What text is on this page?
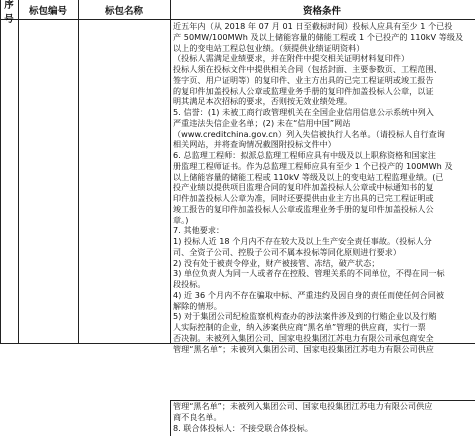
序号
标包编号	标包名称	资格条件

近五年内（从 2018 年 07 月 01 日至截标时间）投标人应具有至少 1 个已投

产 50MW/100MWh 及以上储能容量的储能工程或 1 个已投产的 110kV 等级及

以上的变电站工程总包业绩。（须提供业绩证明资料）

（投标人需满足业绩要求，并在附件中提交相关证明材料复印件）

投标人须在投标文件中提供相关合同（包括封面、主要参数页、工程范围、

签字页、用户证明等）的复印件、业主方出具的已完工程证明或竣工报告

的复印件加盖投标人公章或监理业务手册的复印件加盖投标人公章，以证

明其满足本次招标的要求，否则按无效业绩处理。

5. 信誉：(1) 未被工商行政管理机关在全国企业信用信息公示系统中列入

严重违法失信企业名单；(2) 未在“信用中国”网站

（www.creditchina.gov.cn）列入失信被执行人名单。（请投标人自行查询

相关网站，并将查询情况截图附投标文件中）

6. 总监理工程师：拟派总监理工程师应具有中级及以上职称资格和国家注

册监理工程师证书。作为总监理工程师应具有至少 1 个已投产的 100MWh 及

以上储能容量的储能工程或 110kV 等级及以上的变电站工程监理业绩。(已

投产业绩以提供项目监理合同的复印件加盖投标人公章或中标通知书的复

印件加盖投标人公章为准，同时还要提供由业主方出具的已完工程证明或

竣工报告的复印件加盖投标人公章或监理业务手册的复印件加盖投标人公

章。)

7. 其他要求：

1) 投标人近 18 个月内不存在较大及以上生产安全责任事故。（投标人分

司、全资子公司、控股子公司不属本投标等同化原则进行要求）

2) 没有处于被责令停业，财产被接管、冻结，破产状态；

3) 单位负责人为同一人或者存在控股、管理关系的不同单位，不得在同一标

段投标。

4) 近 36 个月内不存在骗取中标、严重违约及因自身的责任而使任何合同被

解除的情形。

5) 对于集团公司纪检监察机构查办的涉法案件涉及到的行贿企业以及行贿

人实际控制的企业，纳入涉案供应商“黑名单”管理的供应商，实行一票

否决制。未被列入集团公司、国家电投集团江苏电力有限公司承包商安全

管理“黑名单”；未被列入集团公司、国家电投集团江苏电力有限公司供应

管理“黑名单”；未被列入集团公司、国家电投集团江苏电力有限公司供应

商不良名单。

8. 联合体投标人：不接受联合体投标。
